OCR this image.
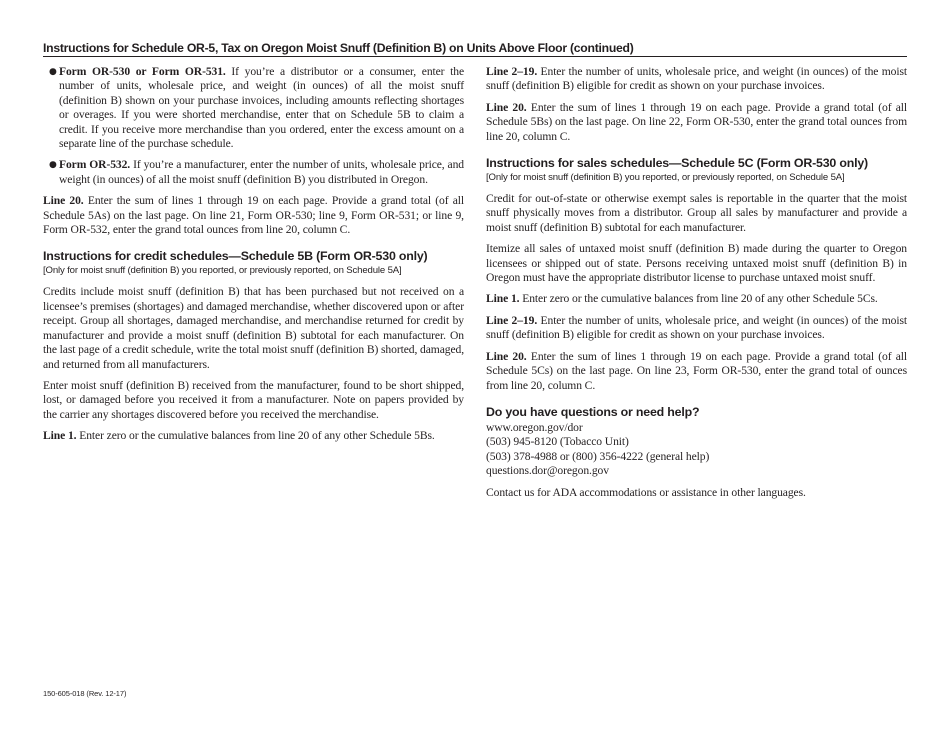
Instructions for Schedule OR-5, Tax on Oregon Moist Snuff (Definition B) on Units Above Floor (continued)
● Form OR-530 or Form OR-531. If you’re a distributor or a consumer, enter the number of units, wholesale price, and weight (in ounces) of all the moist snuff (definition B) shown on your purchase invoices, including amounts reflecting shortages or overages. If you were shorted merchandise, enter that on Schedule 5B to claim a credit. If you receive more merchandise than you ordered, enter the excess amount on a separate line of the purchase schedule.
● Form OR-532. If you’re a manufacturer, enter the number of units, wholesale price, and weight (in ounces) of all the moist snuff (definition B) you distributed in Oregon.

Line 20. Enter the sum of lines 1 through 19 on each page. Provide a grand total (of all Schedule 5As) on the last page. On line 21, Form OR-530; line 9, Form OR-531; or line 9, Form OR-532, enter the grand total ounces from line 20, column C.

Instructions for credit schedules—Schedule 5B (Form OR-530 only)
[Only for moist snuff (definition B) you reported, or previously reported, on Schedule 5A]

Credits include moist snuff (definition B) that has been purchased but not received on a licensee’s premises (shortages) and damaged merchandise, whether discovered upon or after receipt. Group all shortages, damaged merchandise, and merchandise returned for credit by manufacturer and provide a moist snuff (definition B) subtotal for each manufacturer. On the last page of a credit schedule, write the total moist snuff (definition B) shorted, damaged, and returned from all manufacturers.

Enter moist snuff (definition B) received from the manufacturer, found to be short shipped, lost, or damaged before you received it from a manufacturer. Note on papers provided by the carrier any shortages discovered before you received the merchandise.

Line 1. Enter zero or the cumulative balances from line 20 of any other Schedule 5Bs.

Line 2–19. Enter the number of units, wholesale price, and weight (in ounces) of the moist snuff (definition B) eligible for credit as shown on your purchase invoices.

Line 20. Enter the sum of lines 1 through 19 on each page. Provide a grand total (of all Schedule 5Bs) on the last page. On line 22, Form OR-530, enter the grand total ounces from line 20, column C.

Instructions for sales schedules—Schedule 5C (Form OR-530 only)
[Only for moist snuff (definition B) you reported, or previously reported, on Schedule 5A]

Credit for out-of-state or otherwise exempt sales is reportable in the quarter that the moist snuff physically moves from a distributor. Group all sales by manufacturer and provide a moist snuff (definition B) subtotal for each manufacturer.

Itemize all sales of untaxed moist snuff (definition B) made during the quarter to Oregon licensees or shipped out of state. Persons receiving untaxed moist snuff (definition B) in Oregon must have the appropriate distributor license to purchase untaxed moist snuff.

Line 1. Enter zero or the cumulative balances from line 20 of any other Schedule 5Cs.

Line 2–19. Enter the number of units, wholesale price, and weight (in ounces) of the moist snuff (definition B) eligible for credit as shown on your purchase invoices.

Line 20. Enter the sum of lines 1 through 19 on each page. Provide a grand total (of all Schedule 5Cs) on the last page. On line 23, Form OR-530, enter the grand total of ounces from line 20, column C.

Do you have questions or need help?

www.oregon.gov/dor

(503) 945-8120 (Tobacco Unit)

(503) 378-4988 or (800) 356-4222 (general help)

questions.dor@oregon.gov

Contact us for ADA accommodations or assistance in other languages.

150-605-018 (Rev. 12-17)
